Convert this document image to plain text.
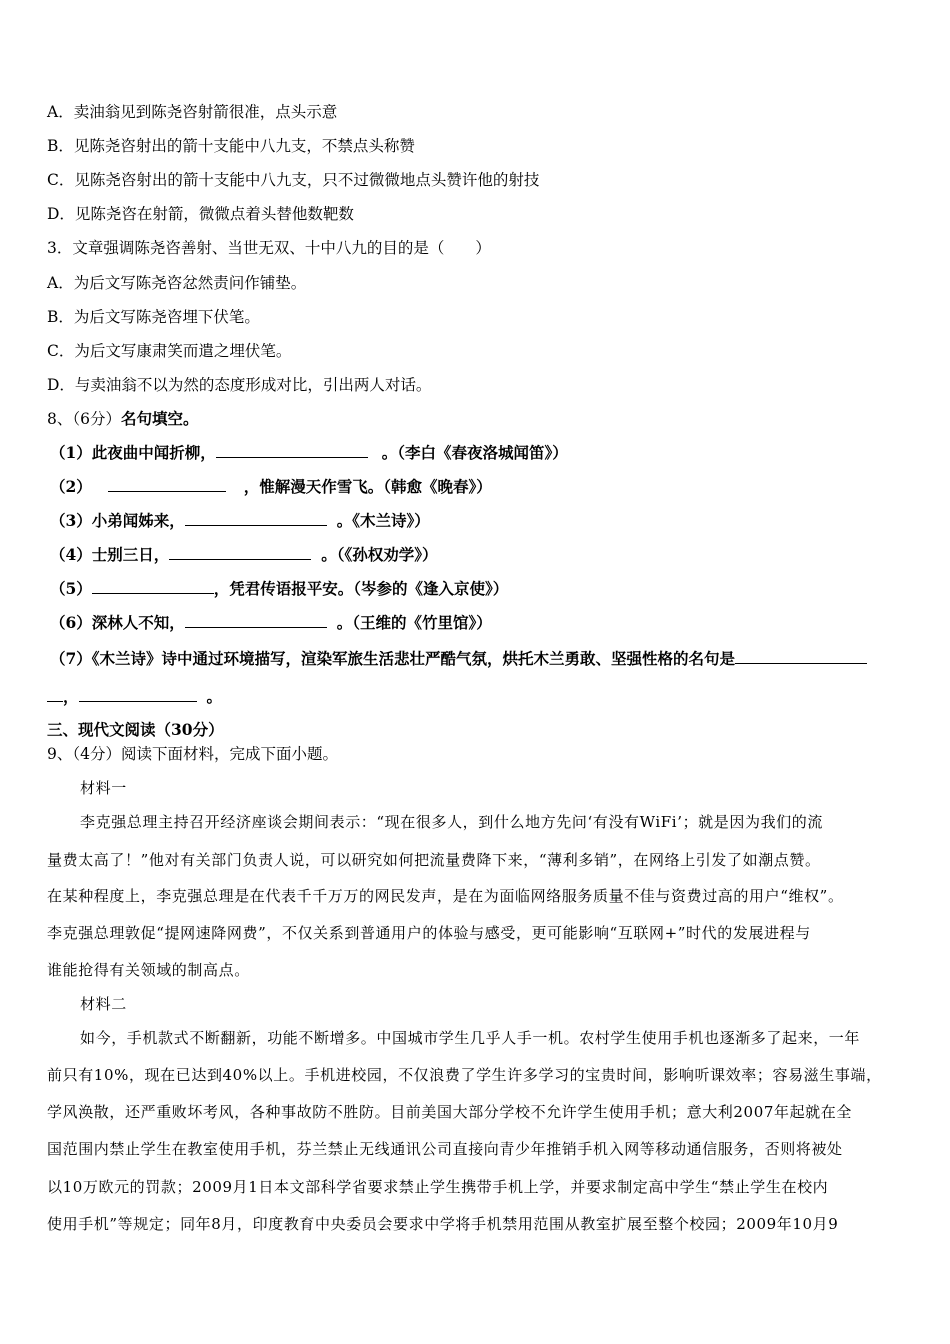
A．卖油翁见到陈尧咨射箭很准，点头示意
B．见陈尧咨射出的箭十支能中八九支，不禁点头称赞
C．见陈尧咨射出的箭十支能中八九支，只不过微微地点头赞许他的射技
D．见陈尧咨在射箭，微微点着头替他数靶数
3．文章强调陈尧咨善射、当世无双、十中八九的目的是（　　）
A．为后文写陈尧咨忿然责问作铺垫。
B．为后文写陈尧咨埋下伏笔。
C．为后文写康肃笑而遣之埋伏笔。
D．与卖油翁不以为然的态度形成对比，引出两人对话。
8、（6分）名句填空。
（1）此夜曲中闻折柳，	。（李白《春夜洛城闻笛》）
（2）	，惟解漫天作雪飞。（韩愈《晚春》）
（3）小弟闻姊来，	。《木兰诗》）
（4）士别三日，	。（《孙权劝学》）
（5）	，凭君传语报平安。（岑参的《逢入京使》）
（6）深林人不知，	。（王维的《竹里馆》）
（7）《木兰诗》诗中通过环境描写，渲染军旅生活悲壮严酷气氛，烘托木兰勇敢、坚强性格的名句是
，	。
三、现代文阅读（30分）
9、（4分）阅读下面材料，完成下面小题。
材料一
李克强总理主持召开经济座谈会期间表示：“现在很多人，到什么地方先问‘有没有WiFi’；就是因为我们的流
量费太高了！”他对有关部门负责人说，可以研究如何把流量费降下来，“薄利多销”，在网络上引发了如潮点赞。
在某种程度上，李克强总理是在代表千千万万的网民发声，是在为面临网络服务质量不佳与资费过高的用户“维权”。
李克强总理敦促“提网速降网费”，不仅关系到普通用户的体验与感受，更可能影响“互联网+”时代的发展进程与
谁能抢得有关领域的制高点。
材料二
如今，手机款式不断翻新，功能不断增多。中国城市学生几乎人手一机。农村学生使用手机也逐渐多了起来，一年
前只有10%，现在已达到40%以上。手机进校园，不仅浪费了学生许多学习的宝贵时间，影响听课效率；容易滋生事端，
学风涣散，还严重败坏考风，各种事故防不胜防。目前美国大部分学校不允许学生使用手机；意大利2007年起就在全
国范围内禁止学生在教室使用手机，芬兰禁止无线通讯公司直接向青少年推销手机入网等移动通信服务，否则将被处
以10万欧元的罚款；2009月1日本文部科学省要求禁止学生携带手机上学，并要求制定高中学生“禁止学生在校内
使用手机”等规定；同年8月，印度教育中央委员会要求中学将手机禁用范围从教室扩展至整个校园；2009年10月9
